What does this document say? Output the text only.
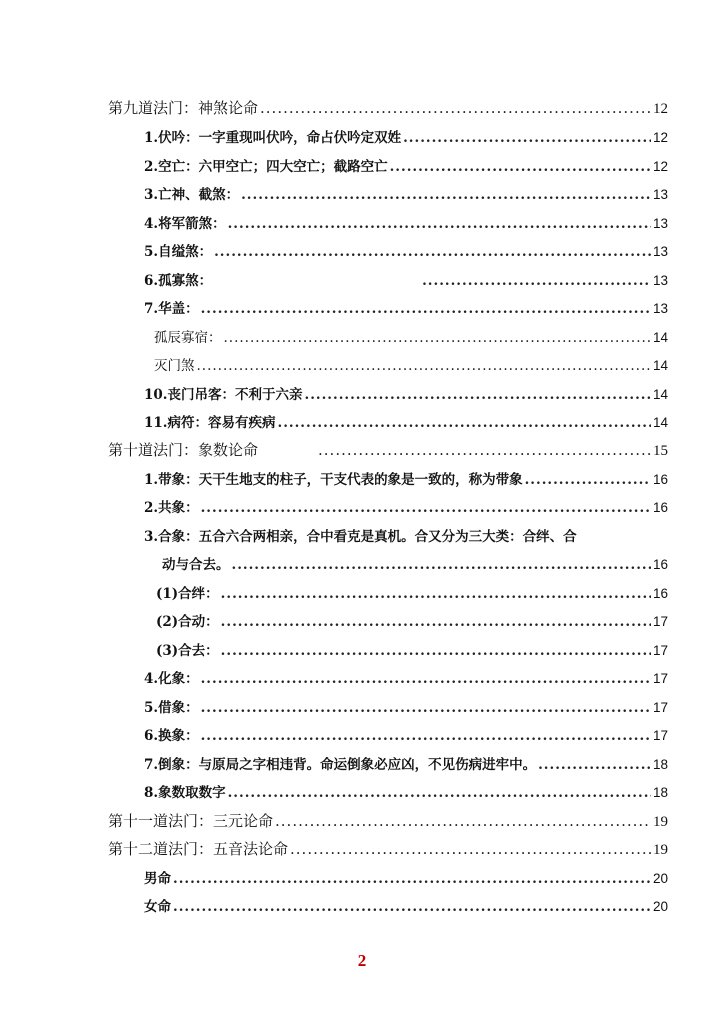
第九道法门：神煞论命 .....	12
1.伏吟：一字重现叫伏吟，命占伏吟定双姓 .....	12
2.空亡：六甲空亡；四大空亡；截路空亡 .....	12
3.亡神、截煞： .....	13
4.将军箭煞： .....	13
5.自缢煞： .....	13
6.孤寡煞： .....	13
7.华盖： .....	13
孤辰寡宿： .....	14
灭门煞 .....	14
10.丧门吊客：不利于六亲 .....	14
11.病符：容易有疾病 .....	14
第十道法门：象数论命 .....	15
1.带象：天干生地支的柱子，干支代表的象是一致的，称为带象 .....	16
2.共象： .....	16
3.合象：五合六合两相亲，合中看克是真机。合又分为三大类：合绊、合
动与合去。 .....	16
(1)合绊： .....	16
(2)合动： .....	17
(3)合去： .....	17
4.化象： .....	17
5.借象： .....	17
6.换象： .....	17
7.倒象：与原局之字相违背。命运倒象必应凶，不见伤病进牢中。 .....	18
8.象数取数字 .....	18
第十一道法门：三元论命 .....	19
第十二道法门：五音法论命 .....	19
男命 .....	20
女命 .....	20
2
